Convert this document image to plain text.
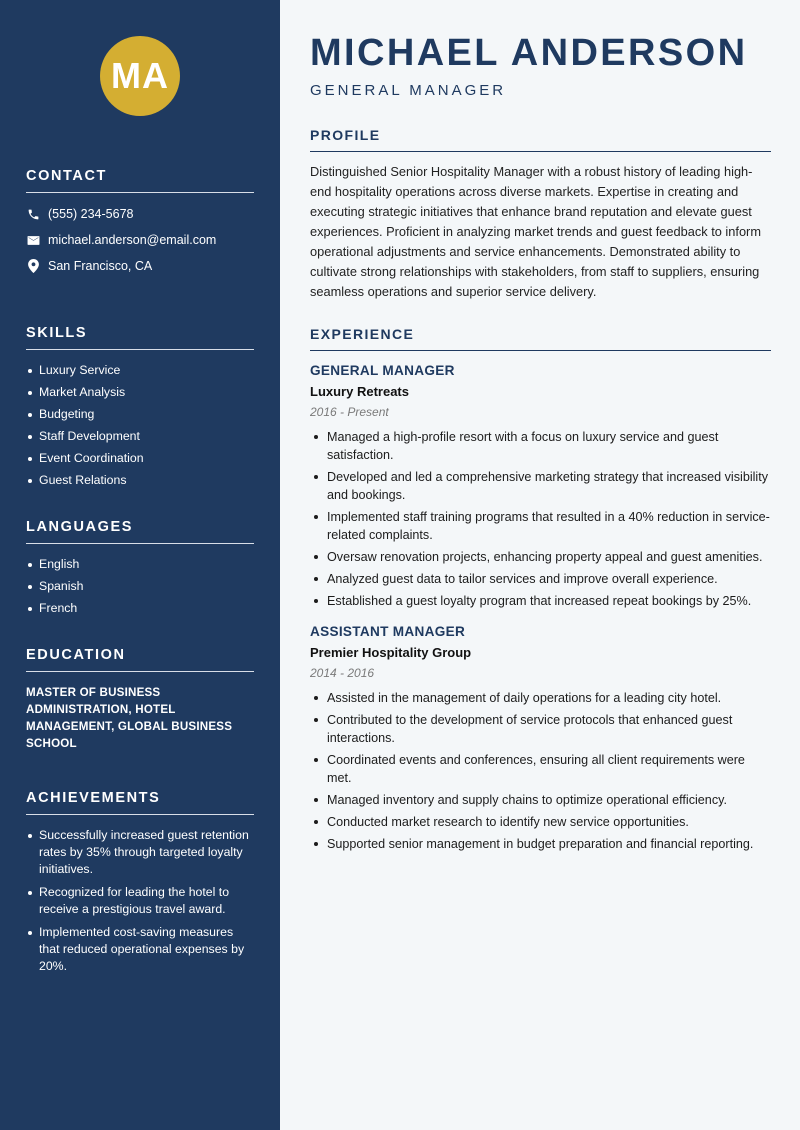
MA
CONTACT
(555) 234-5678
michael.anderson@email.com
San Francisco, CA
SKILLS
Luxury Service
Market Analysis
Budgeting
Staff Development
Event Coordination
Guest Relations
LANGUAGES
English
Spanish
French
EDUCATION
MASTER OF BUSINESS
ADMINISTRATION, HOTEL
MANAGEMENT, GLOBAL BUSINESS
SCHOOL
ACHIEVEMENTS
Successfully increased guest retention rates by 35% through targeted loyalty initiatives.
Recognized for leading the hotel to receive a prestigious travel award.
Implemented cost-saving measures that reduced operational expenses by 20%.
MICHAEL ANDERSON
GENERAL MANAGER
PROFILE

Distinguished Senior Hospitality Manager with a robust history of leading high-end hospitality operations across diverse markets. Expertise in creating and executing strategic initiatives that enhance brand reputation and elevate guest experiences. Proficient in analyzing market trends and guest feedback to inform operational adjustments and service enhancements. Demonstrated ability to cultivate strong relationships with stakeholders, from staff to suppliers, ensuring seamless operations and superior service delivery.

EXPERIENCE
GENERAL MANAGER
Luxury Retreats
2016 - Present
Managed a high-profile resort with a focus on luxury service and guest satisfaction.
Developed and led a comprehensive marketing strategy that increased visibility and bookings.
Implemented staff training programs that resulted in a 40% reduction in service-related complaints.
Oversaw renovation projects, enhancing property appeal and guest amenities.
Analyzed guest data to tailor services and improve overall experience.
Established a guest loyalty program that increased repeat bookings by 25%.
ASSISTANT MANAGER
Premier Hospitality Group
2014 - 2016
Assisted in the management of daily operations for a leading city hotel.
Contributed to the development of service protocols that enhanced guest interactions.
Coordinated events and conferences, ensuring all client requirements were met.
Managed inventory and supply chains to optimize operational efficiency.
Conducted market research to identify new service opportunities.
Supported senior management in budget preparation and financial reporting.
